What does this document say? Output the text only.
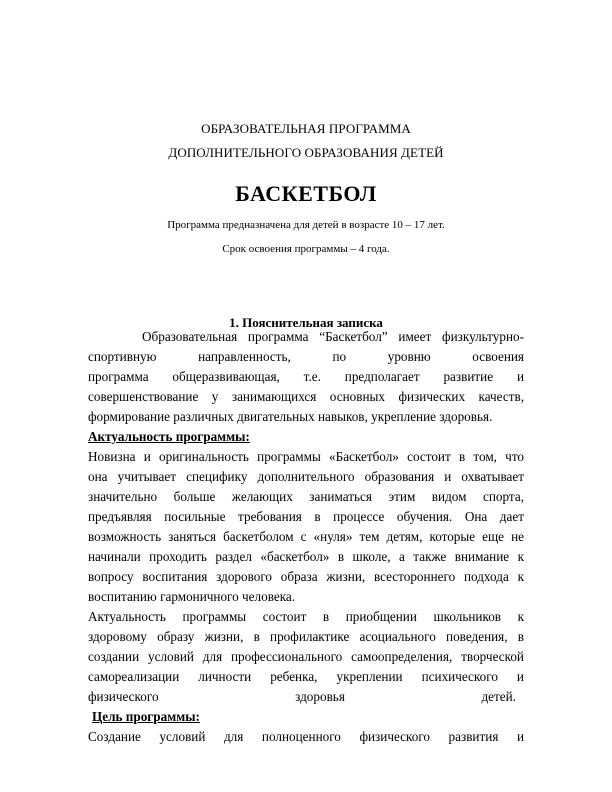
ОБРАЗОВАТЕЛЬНАЯ ПРОГРАММА
ДОПОЛНИТЕЛЬНОГО ОБРАЗОВАНИЯ ДЕТЕЙ
БАСКЕТБОЛ
Программа предназначена для детей в возрасте 10 – 17 лет.
Срок освоения программы – 4 года.
1. Пояснительная записка
Образовательная программа “Баскетбол” имеет физкультурно-
спортивную направленность, по уровню освоения
программа общеразвивающая, т.е. предполагает развитие и
совершенствование у занимающихся основных физических качеств,
формирование различных двигательных навыков, укрепление здоровья.
Актуальность программы:
Новизна и оригинальность программы «Баскетбол» состоит в том, что
она учитывает специфику дополнительного образования и охватывает
значительно больше желающих заниматься этим видом спорта,
предъявляя посильные требования в процессе обучения. Она дает
возможность заняться баскетболом с «нуля» тем детям, которые еще не
начинали проходить раздел «баскетбол» в школе, а также внимание к
вопросу воспитания здорового образа жизни, всестороннего подхода к
воспитанию гармоничного человека.
Актуальность программы состоит в приобщении школьников к
здоровому образу жизни, в профилактике асоциального поведения, в
создании условий для профессионального самоопределения, творческой
самореализации личности ребенка, укреплении психического и
физического здоровья детей.
Цель программы:
Создание условий для полноценного физического развития и
